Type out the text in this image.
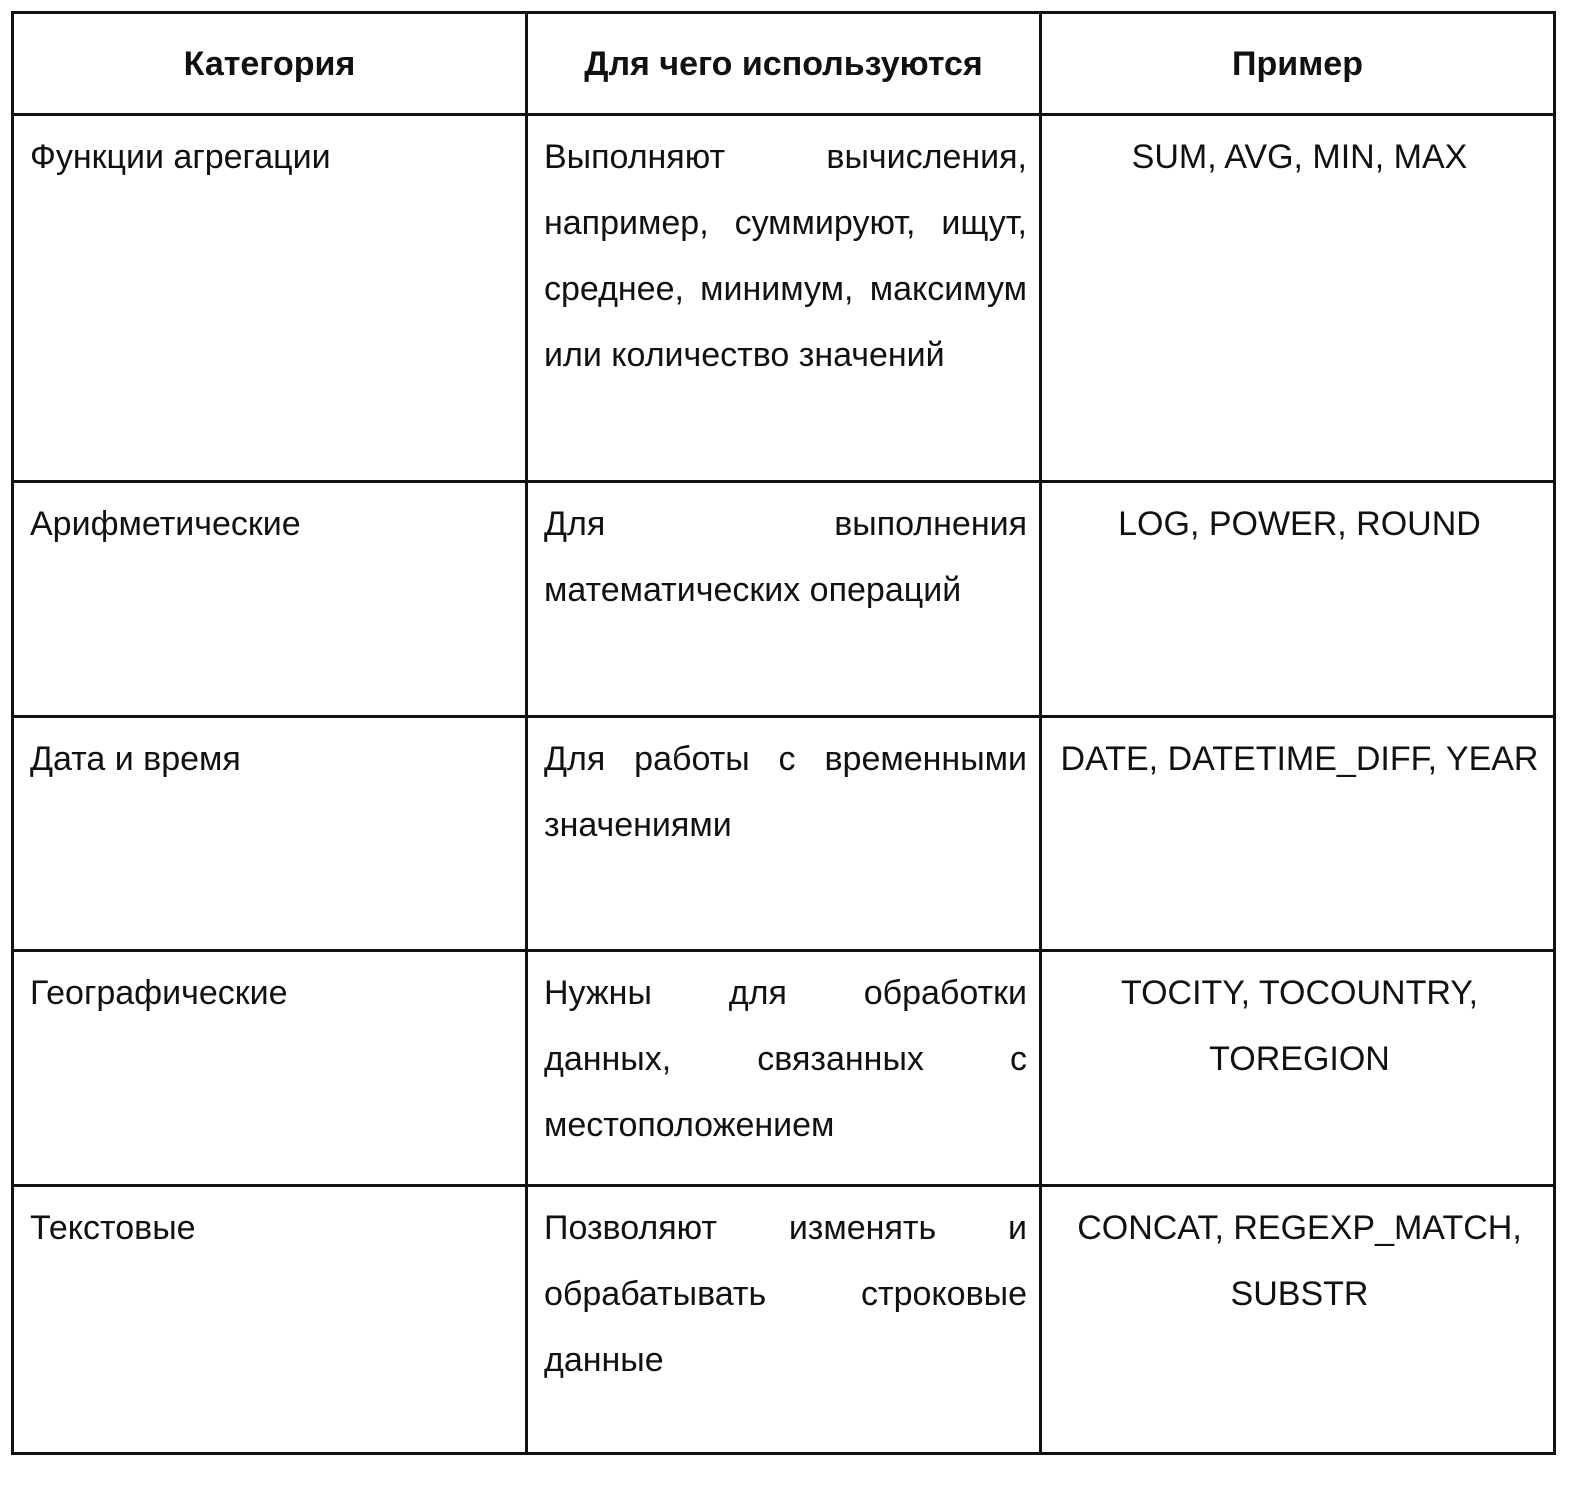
Категория	Для чего используются	Пример
Функции агрегации	Выполняют вычисления, например, суммируют, ищут, среднее, минимум, максимум или количество значений	SUM, AVG, MIN, MAX
Арифметические	Для выполнения математических операций	LOG, POWER, ROUND
Дата и время	Для работы с временными значениями	DATE, DATETIME_DIFF, YEAR
Географические	Нужны для обработки данных, связанных с местоположением	TOCITY, TOCOUNTRY, TOREGION
Текстовые	Позволяют изменять и обрабатывать строковые данные	CONCAT, REGEXP_MATCH, SUBSTR
